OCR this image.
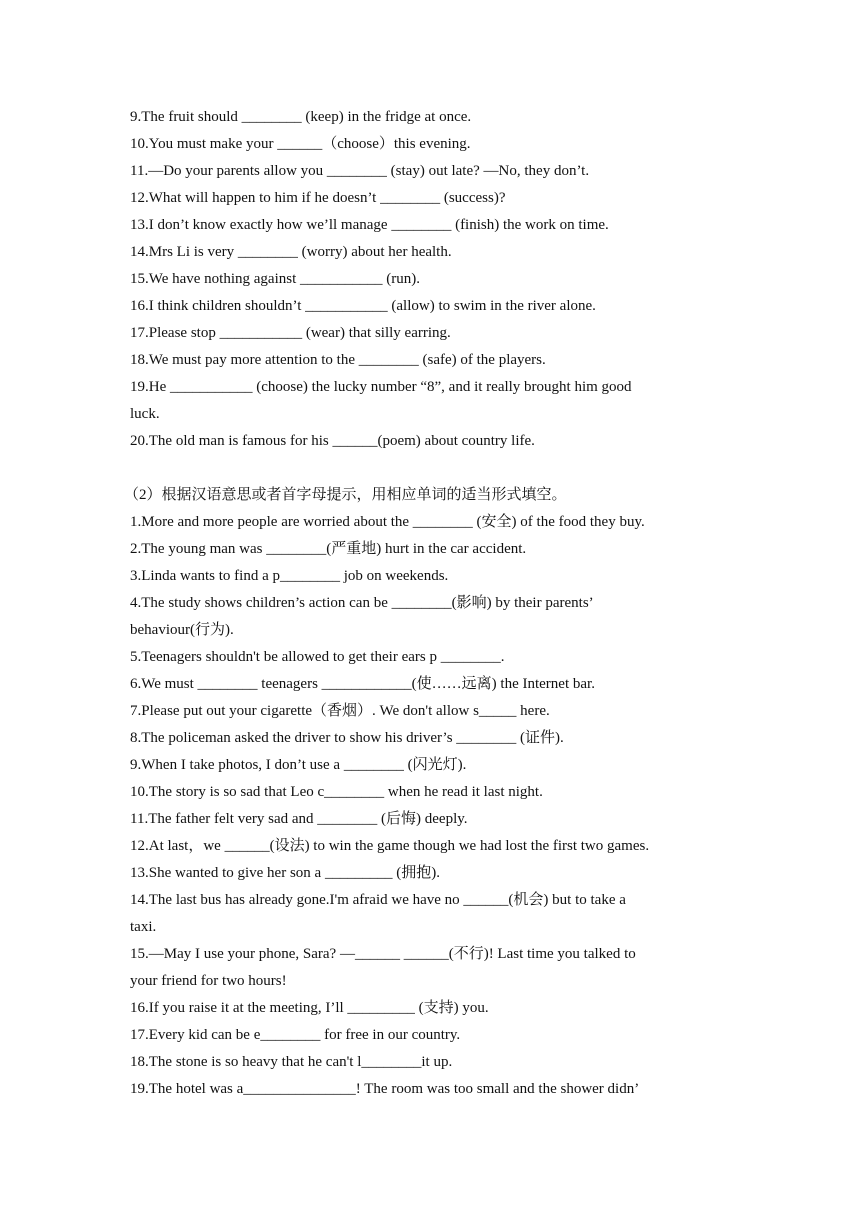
9.The fruit should ________ (keep) in the fridge at once.
10.You must make your ______（choose）this evening.
11.—Do your parents allow you ________ (stay) out late? —No, they don’t.
12.What will happen to him if he doesn’t ________ (success)?
13.I don’t know exactly how we’ll manage ________ (finish) the work on time.
14.Mrs Li is very ________ (worry) about her health.
15.We have nothing against ___________ (run).
16.I think children shouldn’t ___________ (allow) to swim in the river alone.
17.Please stop ___________ (wear) that silly earring.
18.We must pay more attention to the ________ (safe) of the players.
19.He ___________ (choose) the lucky number “8”, and it really brought him good
luck.
20.The old man is famous for his ______(poem) about country life.
（2）根据汉语意思或者首字母提示，用相应单词的适当形式填空。
1.More and more people are worried about the ________ (安全) of the food they buy.
2.The young man was ________(严重地) hurt in the car accident.
3.Linda wants to find a p________ job on weekends.
4.The study shows children’s action can be ________(影响) by their parents’
behaviour(行为).
5.Teenagers shouldn't be allowed to get their ears p ________.
6.We must ________ teenagers ____________(使……远离) the Internet bar.
7.Please put out your cigarette（香烟）. We don't allow s_____ here.
8.The policeman asked the driver to show his driver’s ________ (证件).
9.When I take photos, I don’t use a ________ (闪光灯).
10.The story is so sad that Leo c________ when he read it last night.
11.The father felt very sad and ________ (后悔) deeply.
12.At last，we ______(设法) to win the game though we had lost the first two games.
13.She wanted to give her son a _________ (拥抱).
14.The last bus has already gone.I'm afraid we have no ______(机会) but to take a
taxi.
15.—May I use your phone, Sara? —______ ______(不行)! Last time you talked to
your friend for two hours!
16.If you raise it at the meeting, I’ll _________ (支持) you.
17.Every kid can be e________ for free in our country.
18.The stone is so heavy that he can't l________it up.
19.The hotel was a_______________! The room was too small and the shower didn’
